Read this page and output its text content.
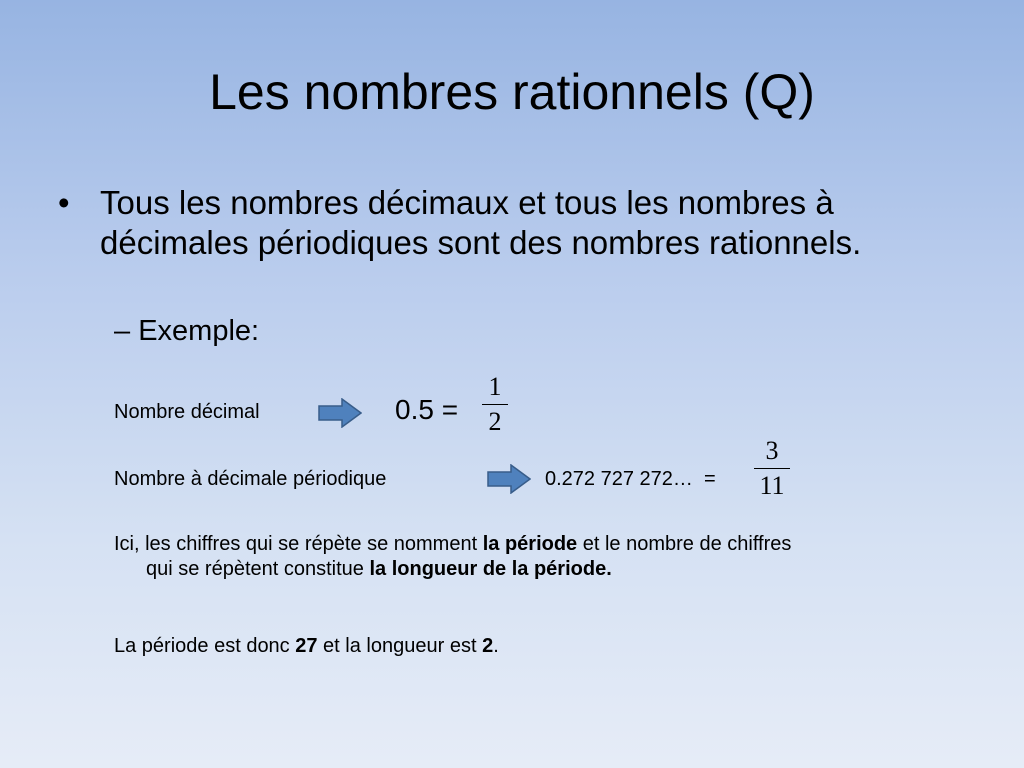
Les nombres rationnels (Q)
• Tous les nombres décimaux et tous les nombres à décimales périodiques sont des nombres rationnels.
– Exemple:
Nombre décimal	0.5 =
1
2
Nombre à décimale périodique	0.272 727 272…  =
3
11
Ici, les chiffres qui se répète se nomment la période et le nombre de chiffres
qui se répètent constitue la longueur de la période.
La période est donc 27 et la longueur est 2.
